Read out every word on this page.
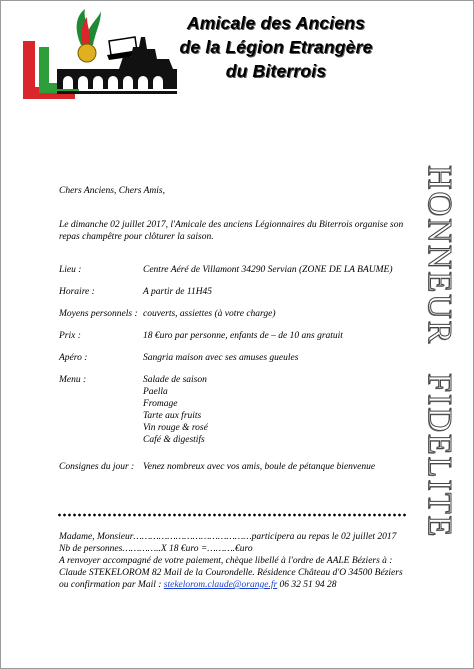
Amicale des Anciens
de la Légion Etrangère
du Biterrois
HONNEUR
FIDELITE
Chers Anciens, Chers Amis,
Le dimanche 02 juillet 2017, l'Amicale des anciens Légionnaires du Biterrois organise son
repas champêtre pour clôturer la saison.
Lieu :	Centre Aéré de Villamont 34290 Servian (ZONE DE LA BAUME)
Horaire :	A partir de 11H45
Moyens personnels : couverts, assiettes (à votre charge)
Prix :	18 €uro par personne, enfants de – de 10 ans gratuit
Apéro :	Sangria maison avec ses amuses gueules
Menu :	Salade de saison
Paella
Fromage
Tarte aux fruits
Vin rouge & rosé
Café & digestifs
Consignes du jour : Venez nombreux avec vos amis, boule de pétanque bienvenue
Madame, Monsieur……………………………………participera au repas le 02 juillet 2017
Nb de personnes…………..X 18 €uro =……….€uro
A renvoyer accompagné de votre paiement, chèque libellé à l'ordre de AALE Béziers à :
Claude STEKELOROM 82 Mail de la Courondelle. Résidence Château d'O 34500 Béziers
ou confirmation par Mail : stekelorom.claude@orange.fr 06 32 51 94 28
